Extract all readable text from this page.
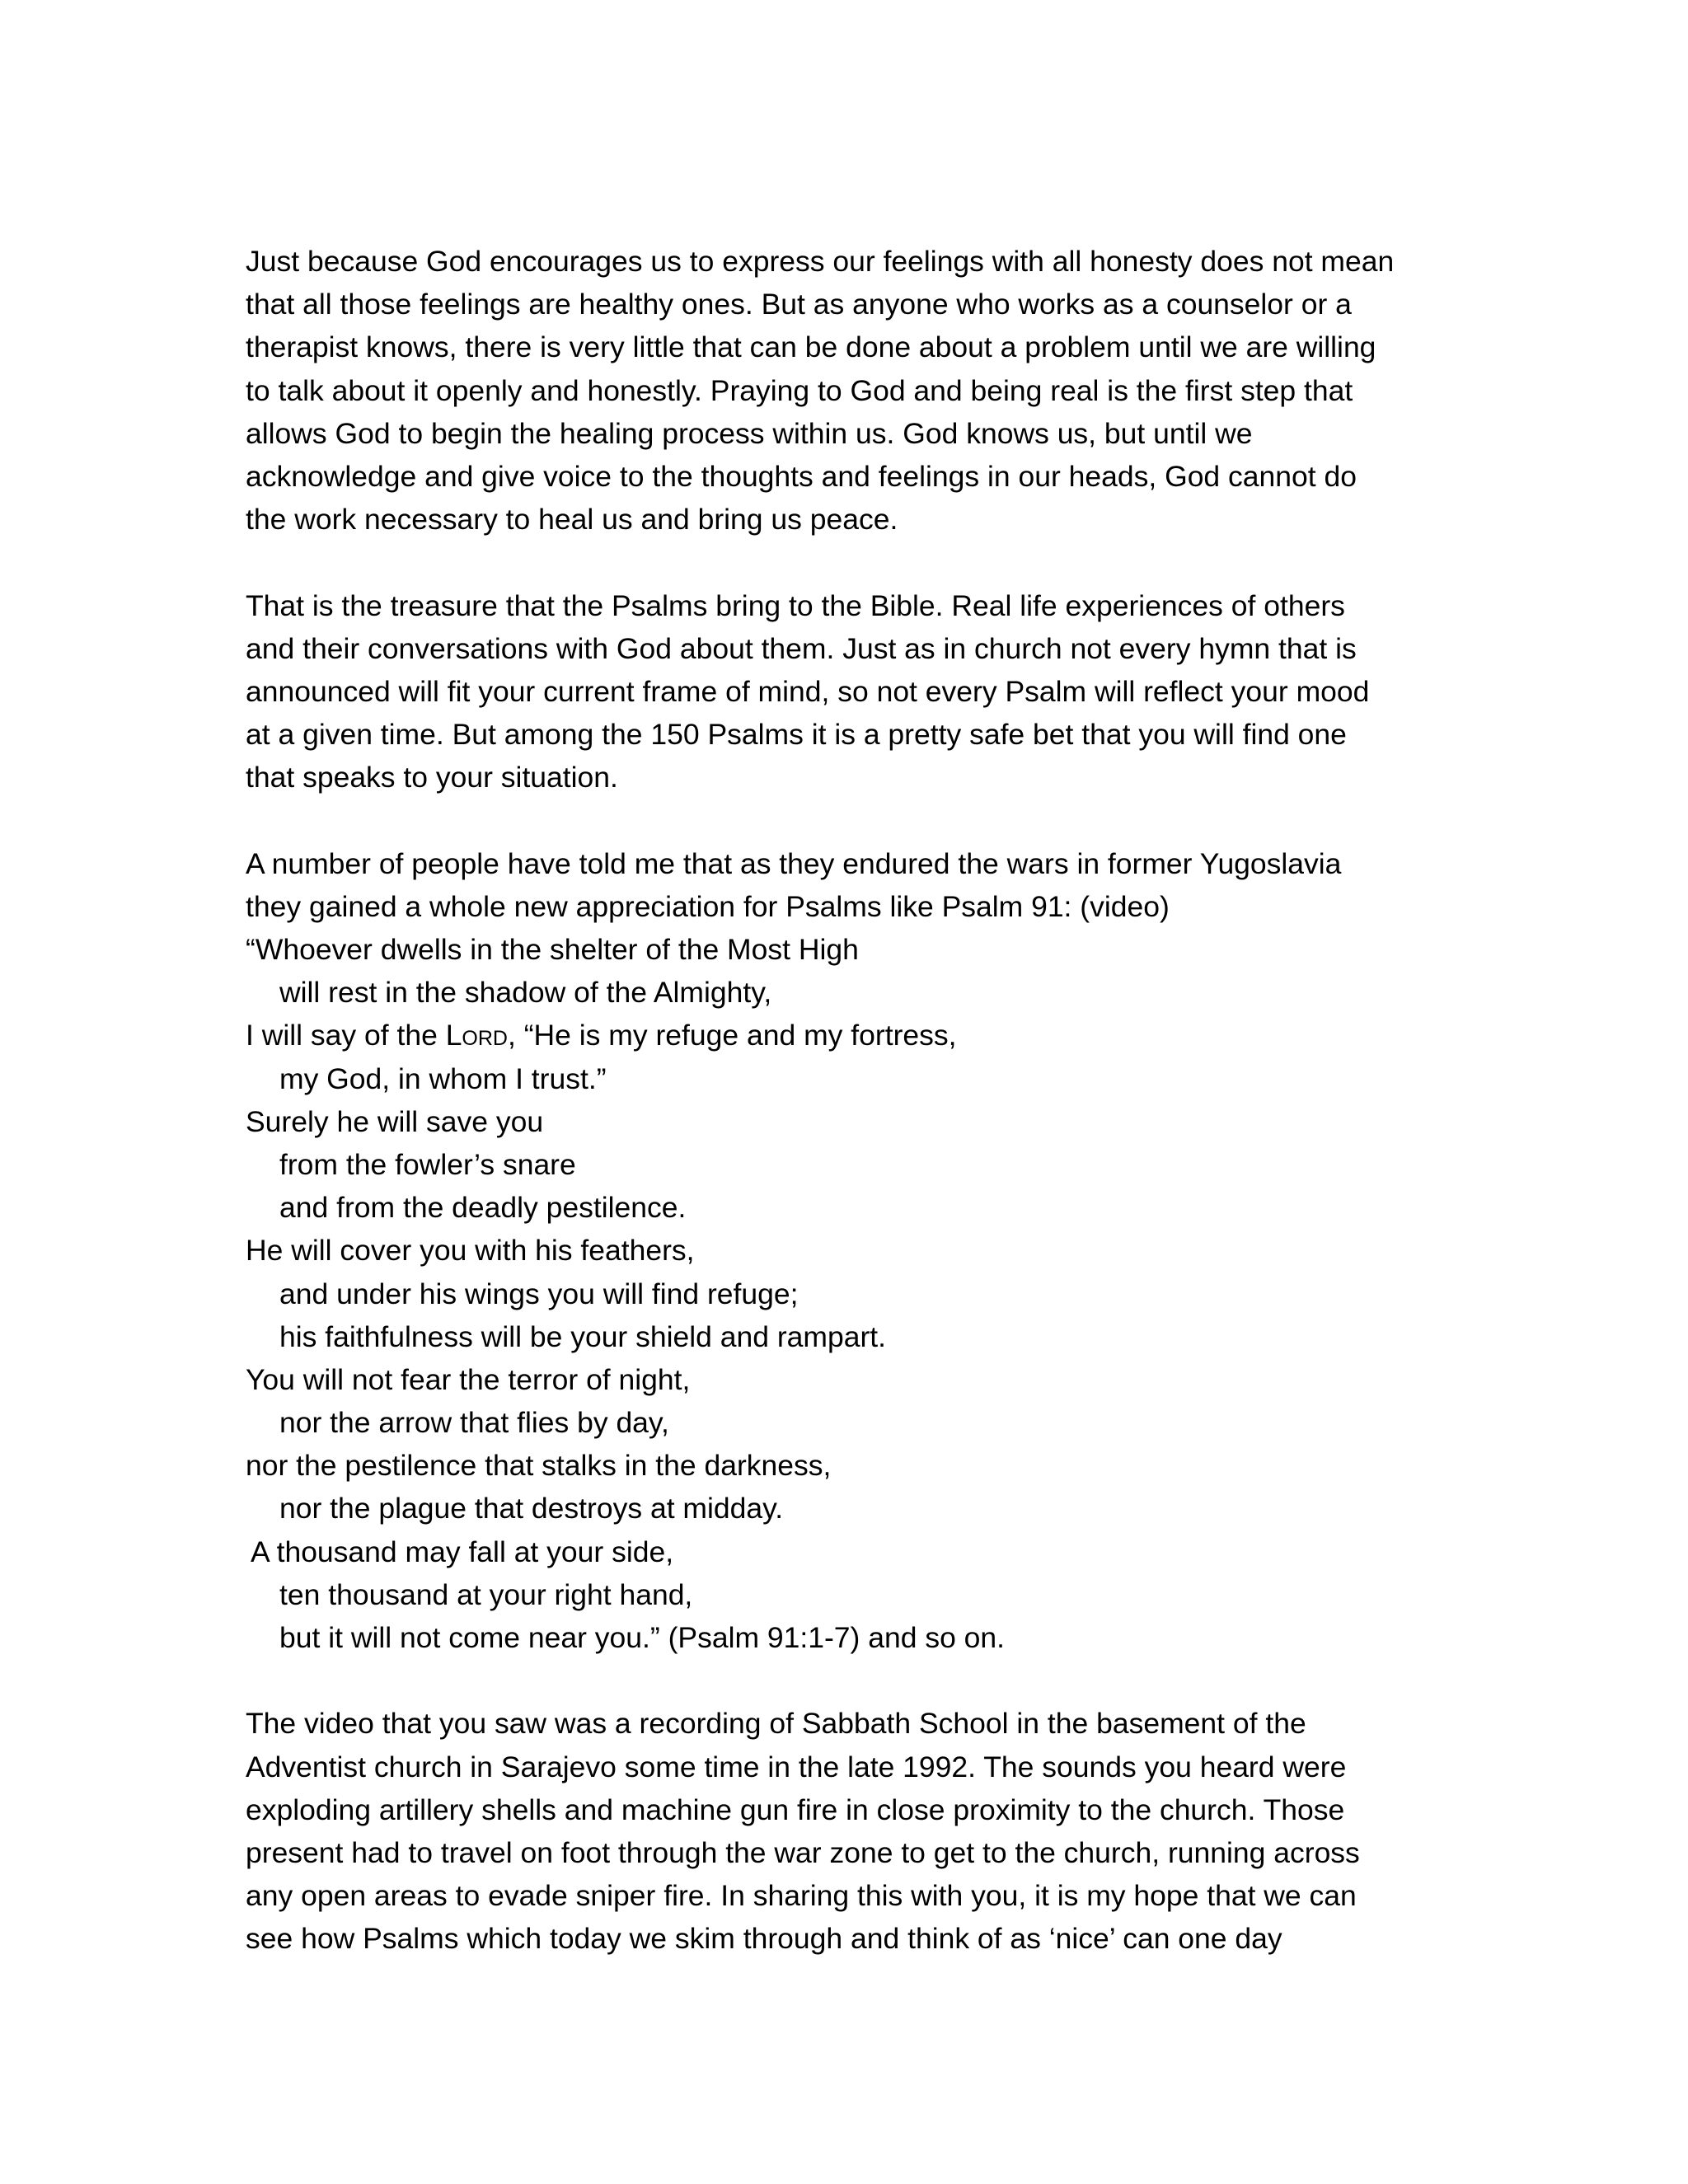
Just because God encourages us to express our feelings with all honesty does not mean
that all those feelings are healthy ones. But as anyone who works as a counselor or a
therapist knows, there is very little that can be done about a problem until we are willing
to talk about it openly and honestly. Praying to God and being real is the first step that
allows God to begin the healing process within us. God knows us, but until we
acknowledge and give voice to the thoughts and feelings in our heads, God cannot do
the work necessary to heal us and bring us peace.
That is the treasure that the Psalms bring to the Bible. Real life experiences of others
and their conversations with God about them. Just as in church not every hymn that is
announced will fit your current frame of mind, so not every Psalm will reflect your mood
at a given time. But among the 150 Psalms it is a pretty safe bet that you will find one
that speaks to your situation.
A number of people have told me that as they endured the wars in former Yugoslavia
they gained a whole new appreciation for Psalms like Psalm 91: (video)
“Whoever dwells in the shelter of the Most High
will rest in the shadow of the Almighty,
I will say of the Lord, “He is my refuge and my fortress,
my God, in whom I trust.”
Surely he will save you
from the fowler’s snare
and from the deadly pestilence.
He will cover you with his feathers,
and under his wings you will find refuge;
his faithfulness will be your shield and rampart.
You will not fear the terror of night,
nor the arrow that flies by day,
nor the pestilence that stalks in the darkness,
nor the plague that destroys at midday.
A thousand may fall at your side,
ten thousand at your right hand,
but it will not come near you.” (Psalm 91:1-7) and so on.
The video that you saw was a recording of Sabbath School in the basement of the
Adventist church in Sarajevo some time in the late 1992. The sounds you heard were
exploding artillery shells and machine gun fire in close proximity to the church. Those
present had to travel on foot through the war zone to get to the church, running across
any open areas to evade sniper fire. In sharing this with you, it is my hope that we can
see how Psalms which today we skim through and think of as ‘nice’ can one day
